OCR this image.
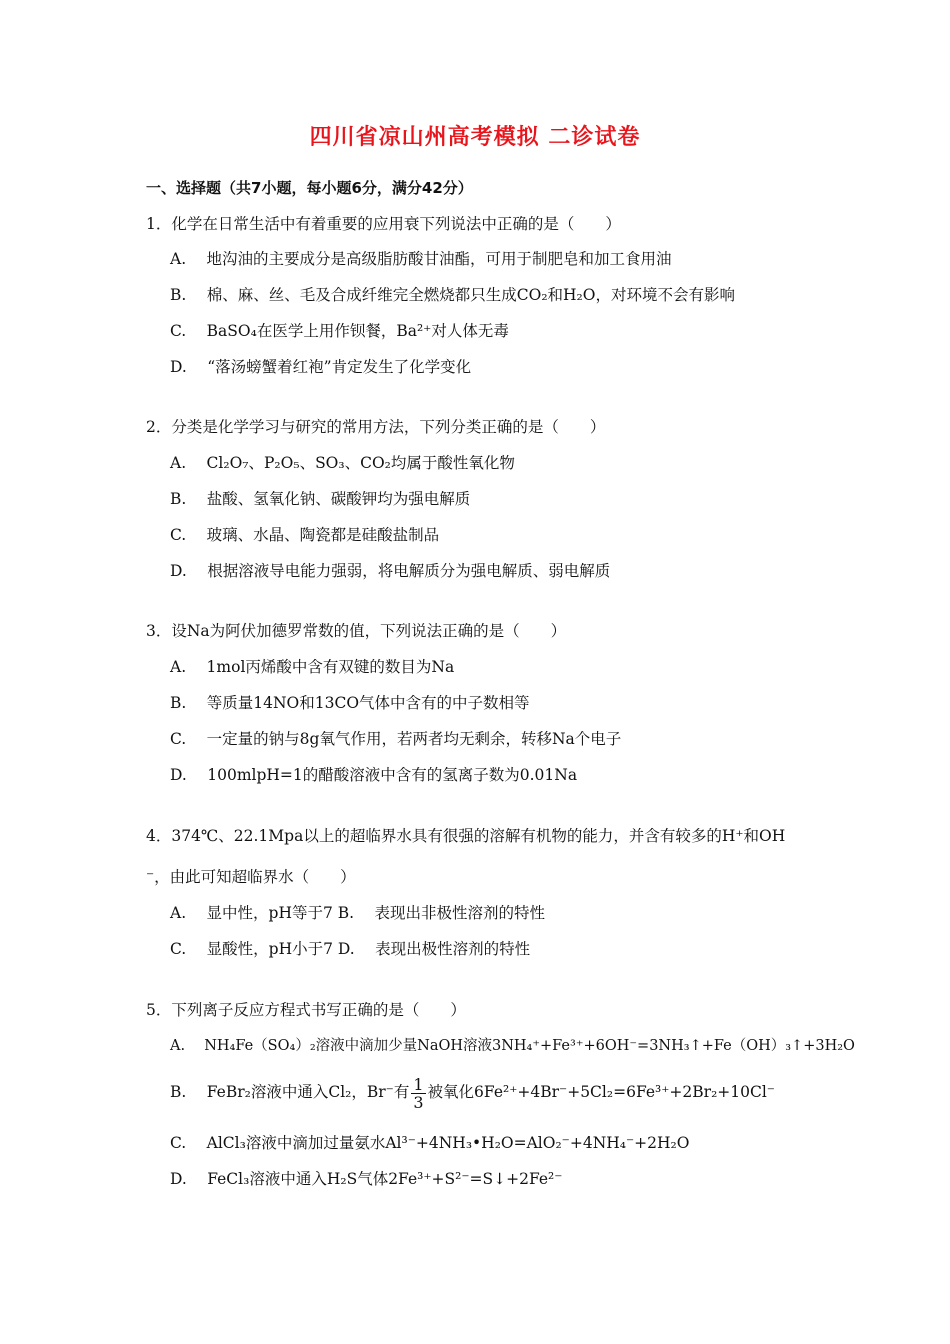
四川省凉山州高考模拟 二诊试卷
一、选择题（共7小题，每小题6分，满分42分）
1．化学在日常生活中有着重要的应用衰下列说法中正确的是（　　）
A.　 地沟油的主要成分是高级脂肪酸甘油酯，可用于制肥皂和加工食用油
B.　 棉、麻、丝、毛及合成纤维完全燃烧都只生成CO₂和H₂O，对环境不会有影响
C.　 BaSO₄在医学上用作钡餐，Ba²⁺对人体无毒
D.　 “落汤螃蟹着红袍”肯定发生了化学变化
2．分类是化学学习与研究的常用方法，下列分类正确的是（　　）
A.　 Cl₂O₇、P₂O₅、SO₃、CO₂均属于酸性氧化物
B.　 盐酸、氢氧化钠、碳酸钾均为强电解质
C.　 玻璃、水晶、陶瓷都是硅酸盐制品
D.　 根据溶液导电能力强弱，将电解质分为强电解质、弱电解质
3．设Na为阿伏加德罗常数的值，下列说法正确的是（　　）
A.　 1mol丙烯酸中含有双键的数目为Na
B.　 等质量14NO和13CO气体中含有的中子数相等
C.　 一定量的钠与8g氧气作用，若两者均无剩余，转移Na个电子
D.　 100mlpH=1的醋酸溶液中含有的氢离子数为0.01Na
4．374℃、22.1Mpa以上的超临界水具有很强的溶解有机物的能力，并含有较多的H⁺和OH
⁻，由此可知超临界水（　　）
A.　 显中性，pH等于7 B.　 表现出非极性溶剂的特性
C.　 显酸性，pH小于7 D.　 表现出极性溶剂的特性
5．下列离子反应方程式书写正确的是（　　）
A.　 NH₄Fe（SO₄）₂溶液中滴加少量NaOH溶液3NH₄⁺+Fe³⁺+6OH⁻=3NH₃↑+Fe（OH）₃↑+3H₂O
B.　 FeBr₂溶液中通入Cl₂，Br⁻有 $\frac{1}{3}$ 被氧化6Fe²⁺+4Br⁻+5Cl₂=6Fe³⁺+2Br₂+10Cl⁻
C.　 AlCl₃溶液中滴加过量氨水Al³⁻+4NH₃•H₂O=AlO₂⁻+4NH₄⁻+2H₂O
D.　 FeCl₃溶液中通入H₂S气体2Fe³⁺+S²⁻=S↓+2Fe²⁻
